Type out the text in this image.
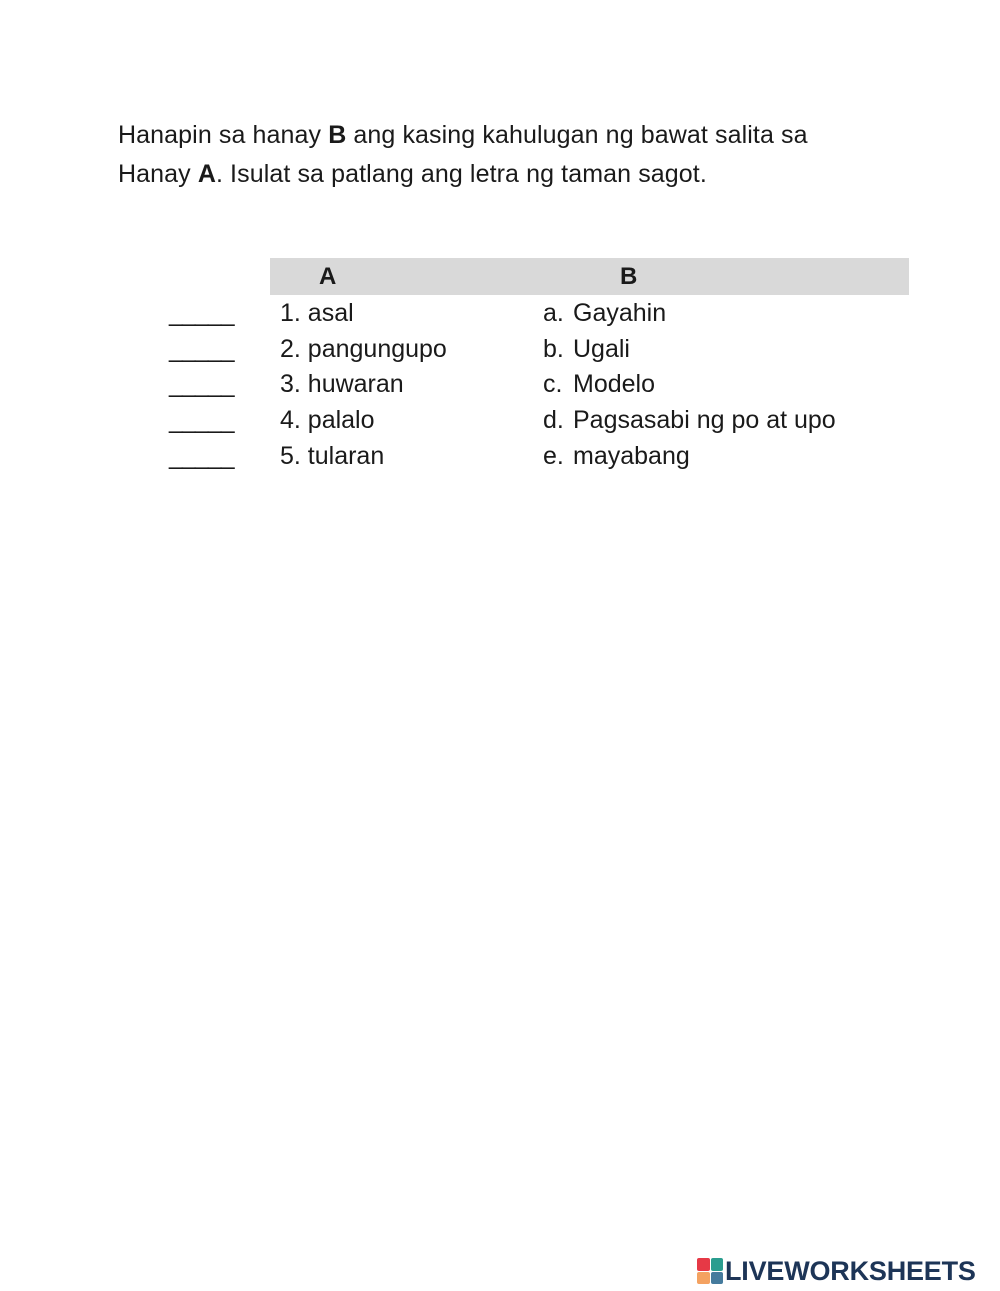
Hanapin sa hanay B ang kasing kahulugan ng bawat salita sa Hanay A. Isulat sa patlang ang letra ng taman sagot.
A	B
_____ 1. asal	a. Gayahin
_____ 2. pangungupo	b. Ugali
_____ 3. huwaran	c. Modelo
_____ 4. palalo	d. Pagsasabi ng po at upo
_____ 5. tularan	e. mayabang
LIVEWORKSHEETS
